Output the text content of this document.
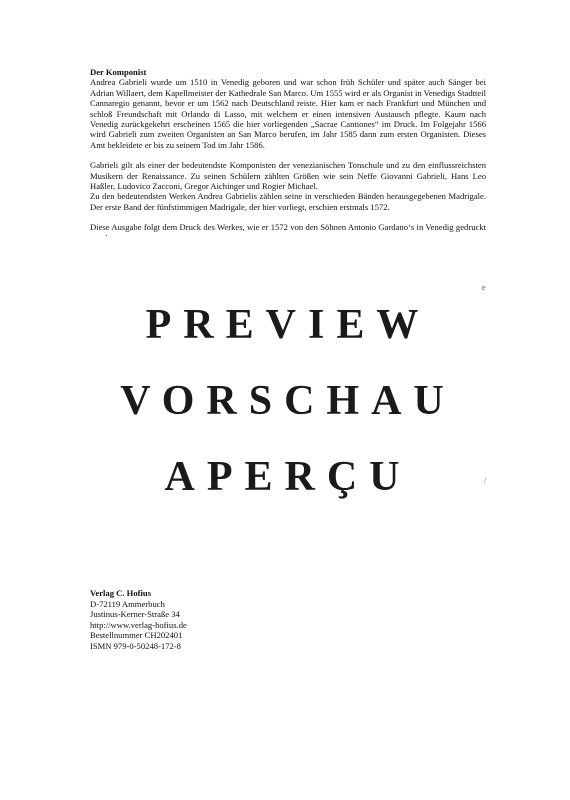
Der Komponist

Andrea Gabrieli wurde um 1510 in Venedig geboren und war schon früh Schüler und später auch Sänger bei Adrian Willaert, dem Kapellmeister der Kathedrale San Marco. Um 1555 wird er als Organist in Venedigs Stadtteil Cannaregio genannt, bevor er um 1562 nach Deutschland reiste. Hier kam er nach Frankfurt und München und schloß Freundschaft mit Orlando di Lasso, mit welchem er einen intensiven Austausch pflegte. Kaum nach Venedig zurückgekehrt erscheinen 1565 die hier vorliegenden „Sacrae Cantiones“ im Druck. Im Folgejahr 1566 wird Gabrieli zum zweiten Organisten an San Marco berufen, im Jahr 1585 dann zum ersten Organisten. Dieses Amt bekleidete er bis zu seinem Tod im Jahr 1586.

Gabrieli gilt als einer der bedeutendste Komponisten der venezianischen Tonschule und zu den einflussreichsten Musikern der Renaissance. Zu seinen Schülern zählten Größen wie sein Neffe Giovanni Gabrieli, Hans Leo Haßler, Ludovico Zacconi, Gregor Aichinger und Rogier Michael.

Zu den bedeutendsten Werken Andrea Gabrielis zählen seine in verschieden Bänden herausgegebenen Madrigale. Der erste Band der fünfstimmigen Madrigale, der hier vorliegt, erschien erstmals 1572.

Diese Ausgabe folgt dem Druck des Werkes, wie er 1572 von den Söhnen Antonio Gardano‘s in Venedig gedruckt

PREVIEW
VORSCHAU
APERÇU
e
/
Verlag C. Hofius
D-72119 Ammerbuch
Justinus-Kerner-Straße 34
http://www.verlag-hofius.de
Bestellnummer CH202401
ISMN 979-0-50248-172-8
